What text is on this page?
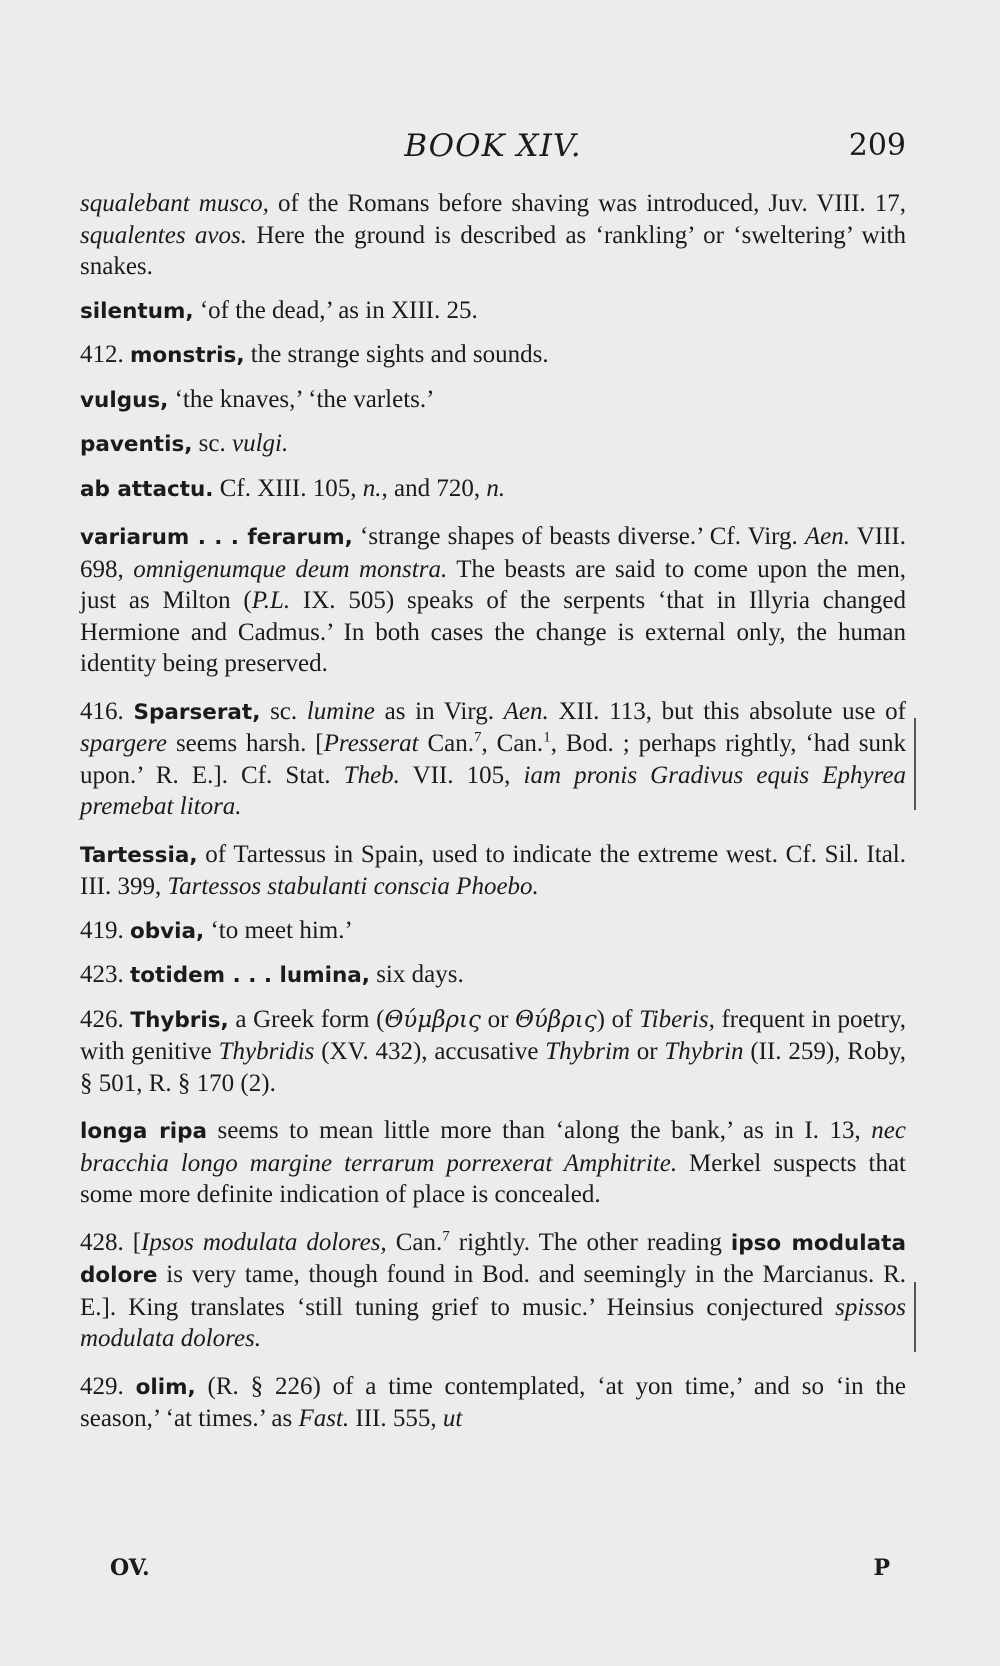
BOOK XIV.	209

squalebant musco, of the Romans before shaving was introduced, Juv. VIII. 17, squalentes avos. Here the ground is described as ‘rankling’ or ‘sweltering’ with snakes.

silentum, ‘of the dead,’ as in XIII. 25.

412. monstris, the strange sights and sounds.

vulgus, ‘the knaves,’ ‘the varlets.’

paventis, sc. vulgi.

ab attactu. Cf. XIII. 105, n., and 720, n.

variarum . . . ferarum, ‘strange shapes of beasts diverse.’ Cf. Virg. Aen. VIII. 698, omnigenumque deum monstra. The beasts are said to come upon the men, just as Milton (P.L. IX. 505) speaks of the serpents ‘that in Illyria changed Hermione and Cadmus.’ In both cases the change is external only, the human identity being preserved.

416. Sparserat, sc. lumine as in Virg. Aen. XII. 113, but this absolute use of spargere seems harsh. [Presserat Can.$^7$, Can.$^1$, Bod. ; perhaps rightly, ‘had sunk upon.’ R. E.]. Cf. Stat. Theb. VII. 105, iam pronis Gradivus equis Ephyrea premebat litora.

Tartessia, of Tartessus in Spain, used to indicate the extreme west. Cf. Sil. Ital. III. 399, Tartessos stabulanti conscia Phoebo.

419. obvia, ‘to meet him.’

423. totidem . . . lumina, six days.

426. Thybris, a Greek form (Θύμβρις or Θύβρις) of Tiberis, frequent in poetry, with genitive Thybridis (XV. 432), accusative Thybrim or Thybrin (II. 259), Roby, § 501, R. § 170 (2).

longa ripa seems to mean little more than ‘along the bank,’ as in I. 13, nec bracchia longo margine terrarum porrexerat Amphitrite. Merkel suspects that some more definite indication of place is concealed.

428. [Ipsos modulata dolores, Can.$^7$ rightly. The other reading ipso modulata dolore is very tame, though found in Bod. and seemingly in the Marcianus. R. E.]. King translates ‘still tuning grief to music.’ Heinsius conjectured spissos modulata dolores.

429. olim, (R. § 226) of a time contemplated, ‘at yon time,’ and so ‘in the season,’ ‘at times.’ as Fast. III. 555, ut

OV.	P
